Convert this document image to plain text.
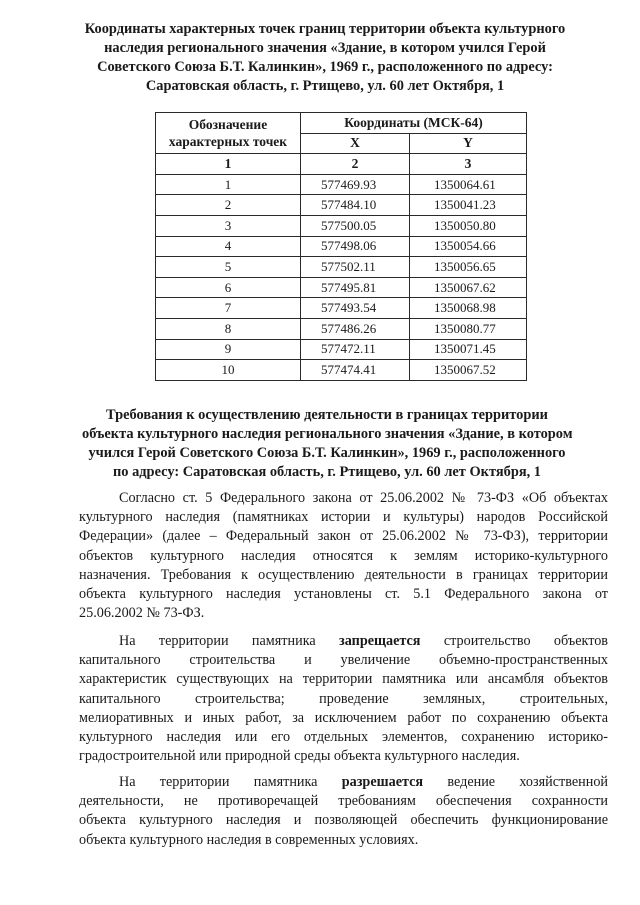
Координаты характерных точек границ территории объекта культурного
наследия регионального значения «Здание, в котором учился Герой
Советского Союза Б.Т. Калинкин», 1969 г., расположенного по адресу:
Саратовская область, г. Ртищево, ул. 60 лет Октября, 1
Обозначение
характерных точек	Координаты (МСК-64)	
	X	Y
1	2	3
1	577469.93	1350064.61
2	577484.10	1350041.23
3	577500.05	1350050.80
4	577498.06	1350054.66
5	577502.11	1350056.65
6	577495.81	1350067.62
7	577493.54	1350068.98
8	577486.26	1350080.77
9	577472.11	1350071.45
10	577474.41	1350067.52
Требования к осуществлению деятельности в границах территории
объекта культурного наследия регионального значения «Здание, в котором
учился Герой Советского Союза Б.Т. Калинкин», 1969 г., расположенного
по адресу: Саратовская область, г. Ртищево, ул. 60 лет Октября, 1
Согласно ст. 5 Федерального закона от 25.06.2002 № 73-ФЗ «Об объектах
культурного наследия (памятниках истории и культуры) народов Российской
Федерации» (далее – Федеральный закон от 25.06.2002 № 73-ФЗ), территории
объектов культурного наследия относятся к землям историко-культурного
назначения. Требования к осуществлению деятельности в границах территории
объекта культурного наследия установлены ст. 5.1 Федерального закона от
25.06.2002 № 73-ФЗ.
На территории памятника запрещается строительство объектов
капитального строительства и увеличение объемно-пространственных
характеристик существующих на территории памятника или ансамбля объектов
капитального строительства; проведение земляных, строительных,
мелиоративных и иных работ, за исключением работ по сохранению объекта
культурного наследия или его отдельных элементов, сохранению историко-
градостроительной или природной среды объекта культурного наследия.
На территории памятника разрешается ведение хозяйственной
деятельности, не противоречащей требованиям обеспечения сохранности
объекта культурного наследия и позволяющей обеспечить функционирование
объекта культурного наследия в современных условиях.
